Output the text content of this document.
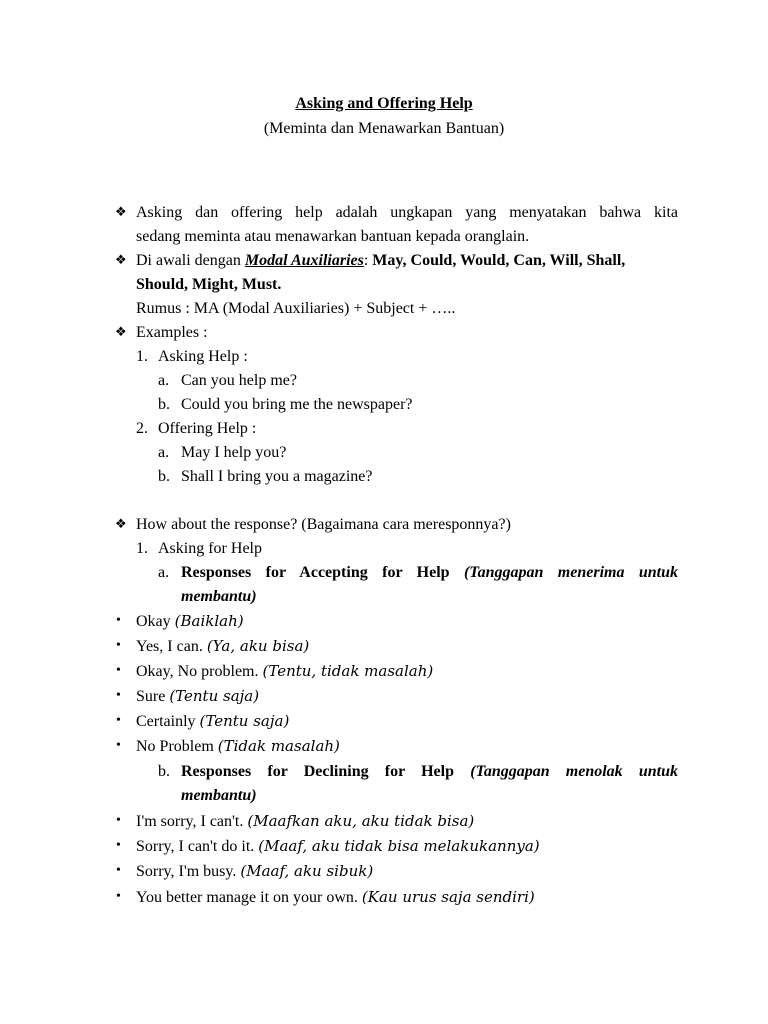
Asking and Offering Help
(Meminta dan Menawarkan Bantuan)
❖ Asking dan offering help adalah ungkapan yang menyatakan bahwa kita
sedang meminta atau menawarkan bantuan kepada oranglain.
❖ Di awali dengan Modal Auxiliaries: May, Could, Would, Can, Will, Shall,
Should, Might, Must.
Rumus : MA (Modal Auxiliaries) + Subject + …..
❖ Examples :
1. Asking Help :
a. Can you help me?
b. Could you bring me the newspaper?
2. Offering Help :
a. May I help you?
b. Shall I bring you a magazine?
❖ How about the response? (Bagaimana cara meresponnya?)
1. Asking for Help
a. Responses for Accepting for Help (Tanggapan menerima untuk
membantu)
• Okay (Baiklah)
• Yes, I can. (Ya, aku bisa)
• Okay, No problem. (Tentu, tidak masalah)
• Sure (Tentu saja)
• Certainly (Tentu saja)
• No Problem (Tidak masalah)
b. Responses for Declining for Help (Tanggapan menolak untuk
membantu)
• I'm sorry, I can't. (Maafkan aku, aku tidak bisa)
• Sorry, I can't do it. (Maaf, aku tidak bisa melakukannya)
• Sorry, I'm busy. (Maaf, aku sibuk)
• You better manage it on your own. (Kau urus saja sendiri)
